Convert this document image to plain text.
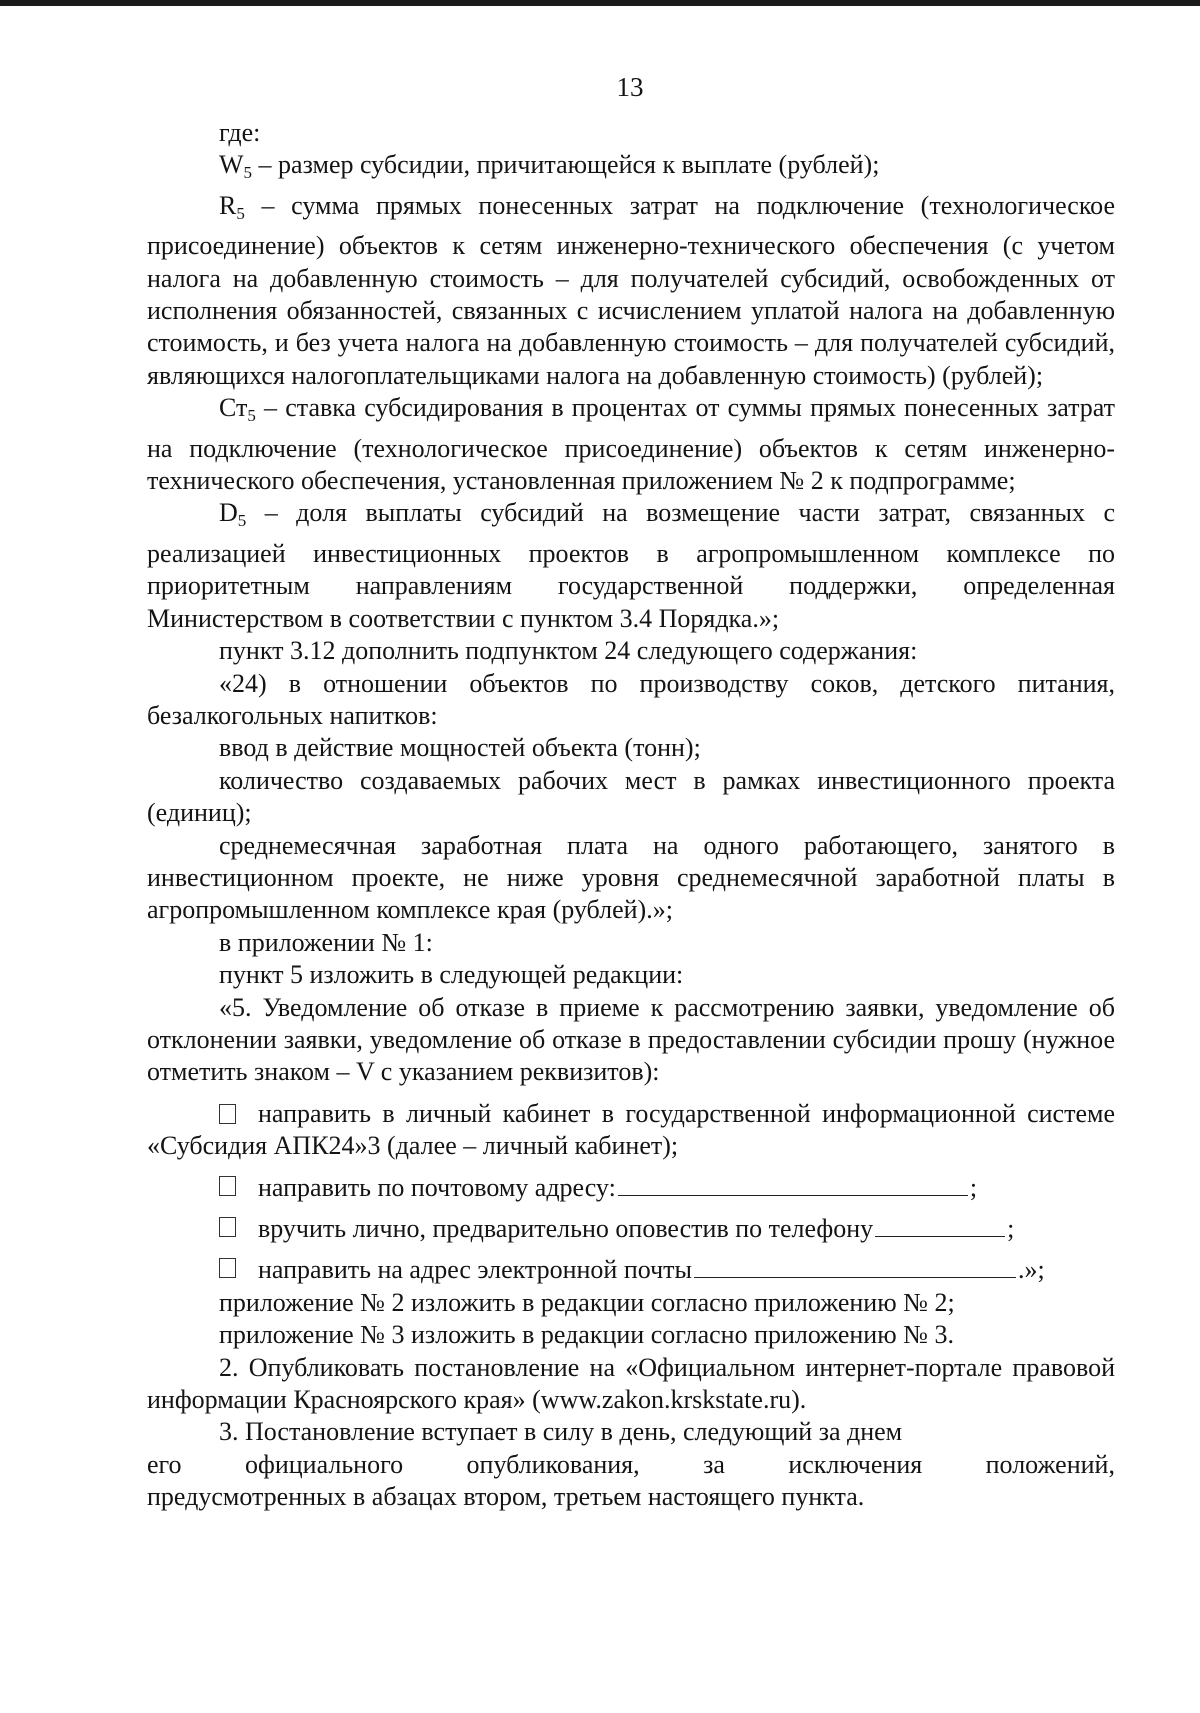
13

где:

$W_5$ – размер субсидии, причитающейся к выплате (рублей);

$R_5$ – сумма прямых понесенных затрат на подключение (технологическое присоединение) объектов к сетям инженерно-технического обеспечения (с учетом налога на добавленную стоимость – для получателей субсидий, освобожденных от исполнения обязанностей, связанных с исчислением уплатой налога на добавленную стоимость, и без учета налога на добавленную стоимость – для получателей субсидий, являющихся налогоплательщиками налога на добавленную стоимость) (рублей);

$Ст_5$ – ставка субсидирования в процентах от суммы прямых понесенных затрат на подключение (технологическое присоединение) объектов к сетям инженерно-технического обеспечения, установленная приложением № 2 к подпрограмме;

$D_5$ – доля выплаты субсидий на возмещение части затрат, связанных с реализацией инвестиционных проектов в агропромышленном комплексе по приоритетным направлениям государственной поддержки, определенная Министерством в соответствии с пунктом 3.4 Порядка.»;

пункт 3.12 дополнить подпунктом 24 следующего содержания:

«24) в отношении объектов по производству соков, детского питания, безалкогольных напитков:

ввод в действие мощностей объекта (тонн);

количество создаваемых рабочих мест в рамках инвестиционного проекта (единиц);

среднемесячная заработная плата на одного работающего, занятого в инвестиционном проекте, не ниже уровня среднемесячной заработной платы в агропромышленном комплексе края (рублей).»;

в приложении № 1:

пункт 5 изложить в следующей редакции:

«5. Уведомление об отказе в приеме к рассмотрению заявки, уведомление об отклонении заявки, уведомление об отказе в предоставлении субсидии прошу (нужное отметить знаком – V с указанием реквизитов):

направить в личный кабинет в государственной информационной системе «Субсидия АПК24»3 (далее – личный кабинет);

направить по почтовому адресу:	;
вручить лично, предварительно оповестив по телефону	;
направить на адрес электронной почты	.»;

приложение № 2 изложить в редакции согласно приложению № 2;

приложение № 3 изложить в редакции согласно приложению № 3.

2. Опубликовать постановление на «Официальном интернет-портале правовой информации Красноярского края» (www.zakon.krskstate.ru).

3. Постановление вступает в силу в день, следующий за днем
его официального опубликования, за исключения положений,

предусмотренных в абзацах втором, третьем настоящего пункта.
